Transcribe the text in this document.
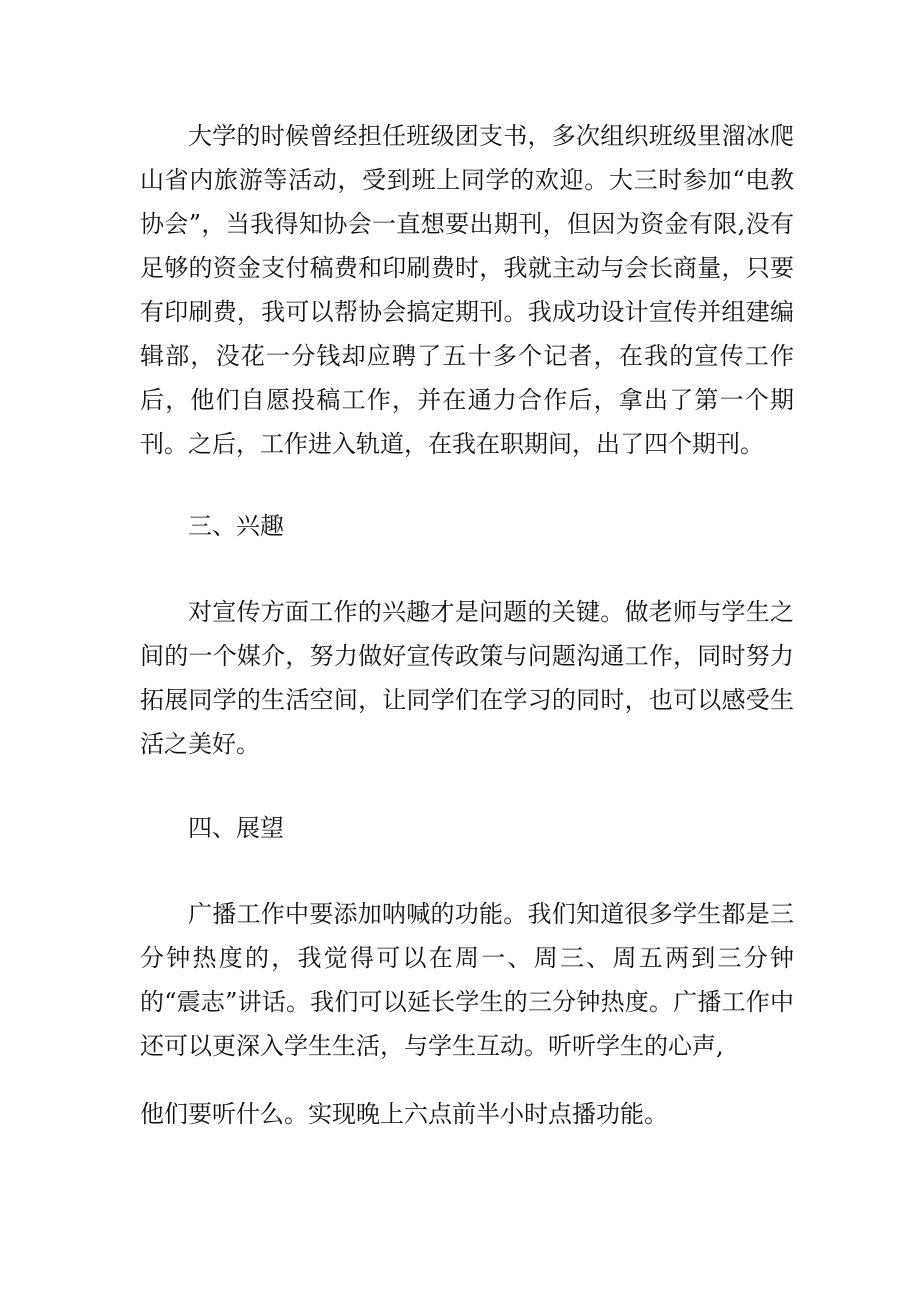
大学的时候曾经担任班级团支书，多次组织班级里溜冰爬山省内旅游等活动，受到班上同学的欢迎。大三时参加“电教协会”，当我得知协会一直想要出期刊，但因为资金有限,没有足够的资金支付稿费和印刷费时，我就主动与会长商量，只要有印刷费，我可以帮协会搞定期刊。我成功设计宣传并组建编辑部，没花一分钱却应聘了五十多个记者，在我的宣传工作后，他们自愿投稿工作，并在通力合作后，拿出了第一个期刊。之后，工作进入轨道，在我在职期间，出了四个期刊。

三、兴趣

对宣传方面工作的兴趣才是问题的关键。做老师与学生之间的一个媒介，努力做好宣传政策与问题沟通工作，同时努力拓展同学的生活空间，让同学们在学习的同时，也可以感受生活之美好。

四、展望

广播工作中要添加呐喊的功能。我们知道很多学生都是三分钟热度的，我觉得可以在周一、周三、周五两到三分钟的“震志”讲话。我们可以延长学生的三分钟热度。广播工作中还可以更深入学生生活，与学生互动。听听学生的心声,

他们要听什么。实现晚上六点前半小时点播功能。
